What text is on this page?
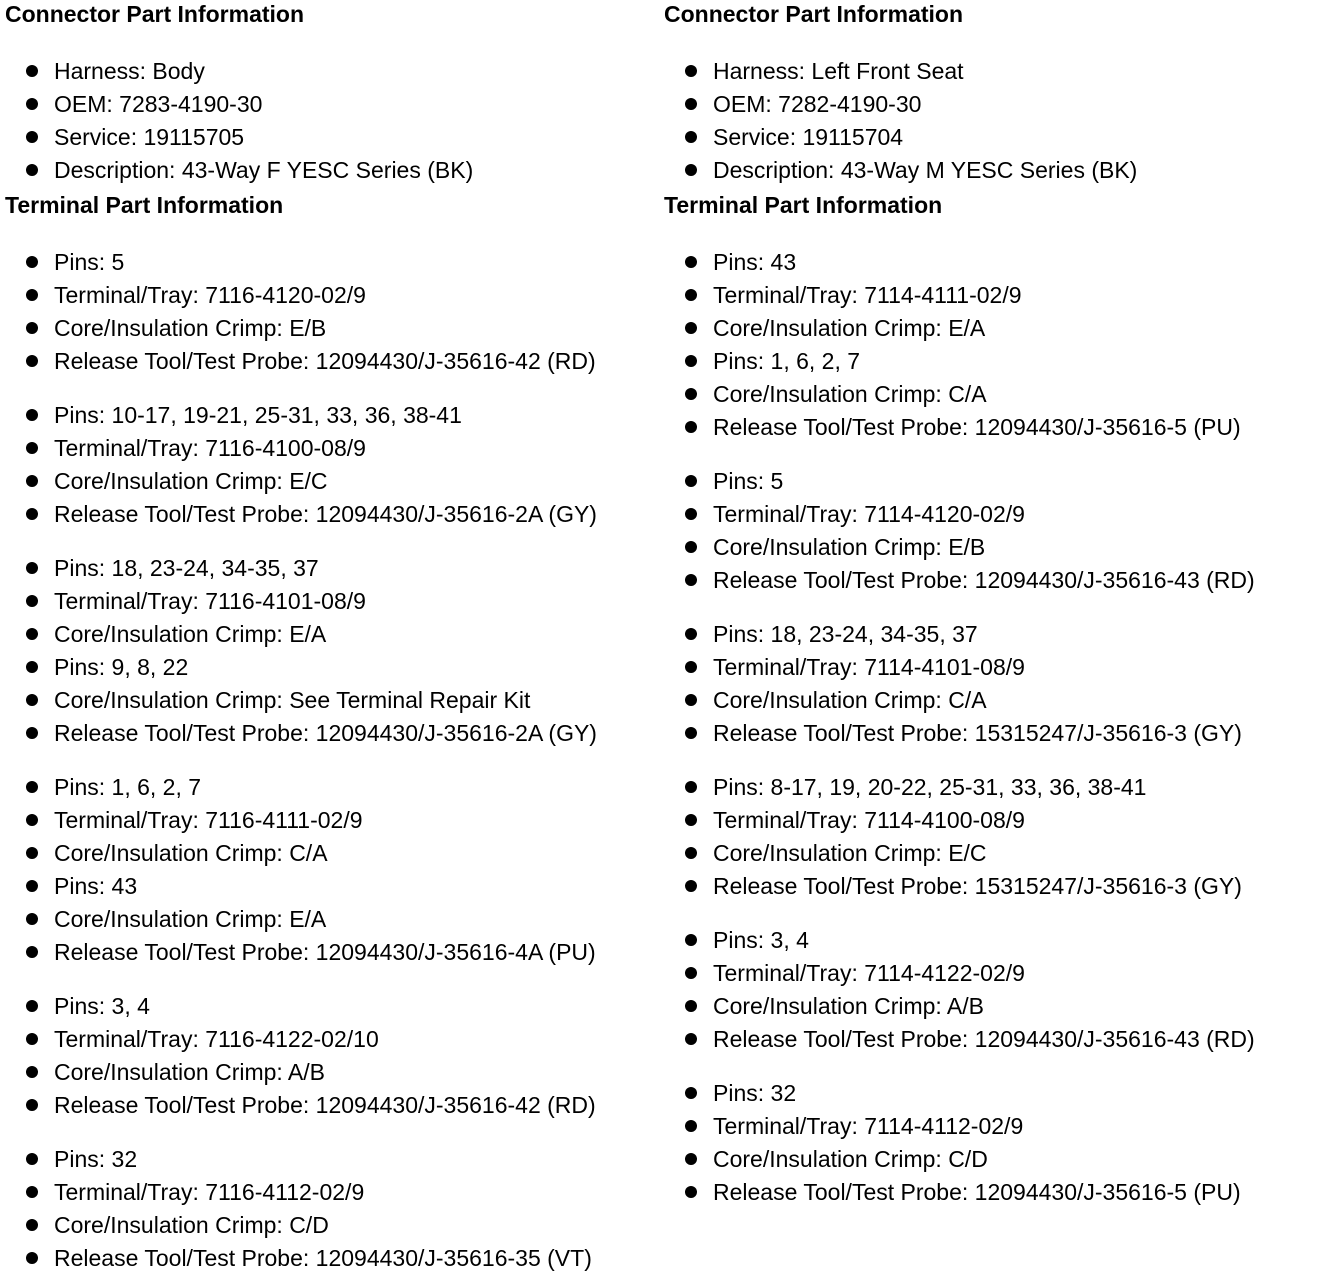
Connector Part Information
Harness: Body
OEM: 7283-4190-30
Service: 19115705
Description: 43-Way F YESC Series (BK)
Terminal Part Information
Pins: 5
Terminal/Tray: 7116-4120-02/9
Core/Insulation Crimp: E/B
Release Tool/Test Probe: 12094430/J-35616-42 (RD)
Pins: 10-17, 19-21, 25-31, 33, 36, 38-41
Terminal/Tray: 7116-4100-08/9
Core/Insulation Crimp: E/C
Release Tool/Test Probe: 12094430/J-35616-2A (GY)
Pins: 18, 23-24, 34-35, 37
Terminal/Tray: 7116-4101-08/9
Core/Insulation Crimp: E/A
Pins: 9, 8, 22
Core/Insulation Crimp: See Terminal Repair Kit
Release Tool/Test Probe: 12094430/J-35616-2A (GY)
Pins: 1, 6, 2, 7
Terminal/Tray: 7116-4111-02/9
Core/Insulation Crimp: C/A
Pins: 43
Core/Insulation Crimp: E/A
Release Tool/Test Probe: 12094430/J-35616-4A (PU)
Pins: 3, 4
Terminal/Tray: 7116-4122-02/10
Core/Insulation Crimp: A/B
Release Tool/Test Probe: 12094430/J-35616-42 (RD)
Pins: 32
Terminal/Tray: 7116-4112-02/9
Core/Insulation Crimp: C/D
Release Tool/Test Probe: 12094430/J-35616-35 (VT)
Connector Part Information
Harness: Left Front Seat
OEM: 7282-4190-30
Service: 19115704
Description: 43-Way M YESC Series (BK)
Terminal Part Information
Pins: 43
Terminal/Tray: 7114-4111-02/9
Core/Insulation Crimp: E/A
Pins: 1, 6, 2, 7
Core/Insulation Crimp: C/A
Release Tool/Test Probe: 12094430/J-35616-5 (PU)
Pins: 5
Terminal/Tray: 7114-4120-02/9
Core/Insulation Crimp: E/B
Release Tool/Test Probe: 12094430/J-35616-43 (RD)
Pins: 18, 23-24, 34-35, 37
Terminal/Tray: 7114-4101-08/9
Core/Insulation Crimp: C/A
Release Tool/Test Probe: 15315247/J-35616-3 (GY)
Pins: 8-17, 19, 20-22, 25-31, 33, 36, 38-41
Terminal/Tray: 7114-4100-08/9
Core/Insulation Crimp: E/C
Release Tool/Test Probe: 15315247/J-35616-3 (GY)
Pins: 3, 4
Terminal/Tray: 7114-4122-02/9
Core/Insulation Crimp: A/B
Release Tool/Test Probe: 12094430/J-35616-43 (RD)
Pins: 32
Terminal/Tray: 7114-4112-02/9
Core/Insulation Crimp: C/D
Release Tool/Test Probe: 12094430/J-35616-5 (PU)
